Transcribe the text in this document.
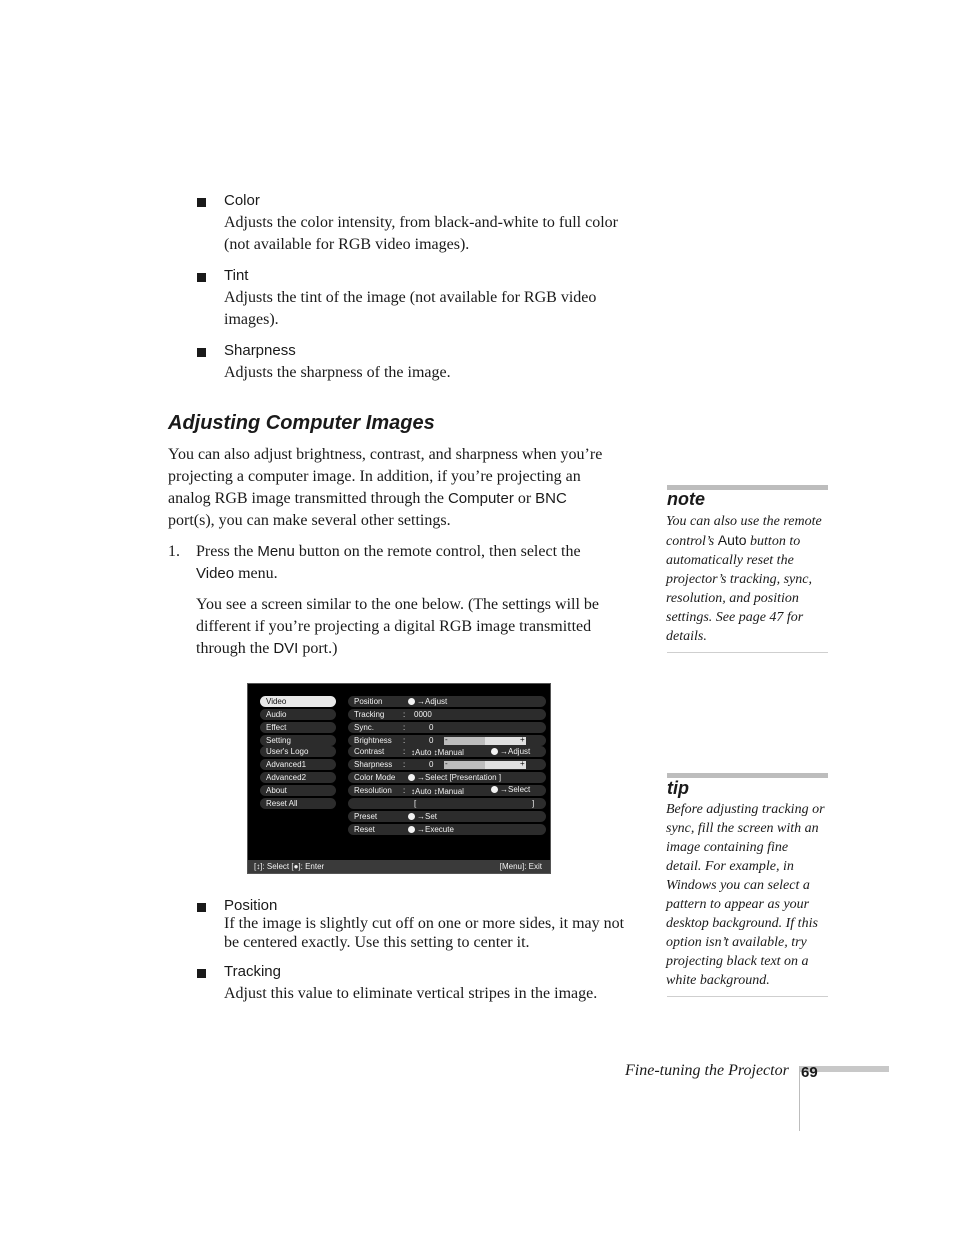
Color
Adjusts the color intensity, from black-and-white to full color
(not available for RGB video images).
Tint
Adjusts the tint of the image (not available for RGB video
images).
Sharpness
Adjusts the sharpness of the image.
Adjusting Computer Images
You can also adjust brightness, contrast, and sharpness when you’re
projecting a computer image. In addition, if you’re projecting an
analog RGB image transmitted through the Computer or BNC
port(s), you can make several other settings.
1. Press the Menu button on the remote control, then select the
Video menu.
You see a screen similar to the one below. (The settings will be
different if you’re projecting a digital RGB image transmitted
through the DVI port.)
Video
Audio
Effect
Setting
User's Logo
Advanced1
Advanced2
About
Reset All
Position	→Adjust
Tracking	: 0000
Sync.	:	0
Brightness	:	0 -	+
Contrast	: ↕Auto ↕Manual	→Adjust
Sharpness	:	0 -	+
Color Mode	→Select [Presentation ]
Resolution	: ↕Auto ↕Manual	→Select
[	]
Preset	→Set
Reset	→Execute
[↕]: Select [●]: Enter	[Menu]: Exit
Position
If the image is slightly cut off on one or more sides, it may not
be centered exactly. Use this setting to center it.
Tracking
Adjust this value to eliminate vertical stripes in the image.
note
You can also use the remote
control’s Auto button to
automatically reset the
projector’s tracking, sync,
resolution, and position
settings. See page 47 for
details.
tip
Before adjusting tracking or
sync, fill the screen with an
image containing fine
detail. For example, in
Windows you can select a
pattern to appear as your
desktop background. If this
option isn’t available, try
projecting black text on a
white background.
Fine-tuning the Projector 69
